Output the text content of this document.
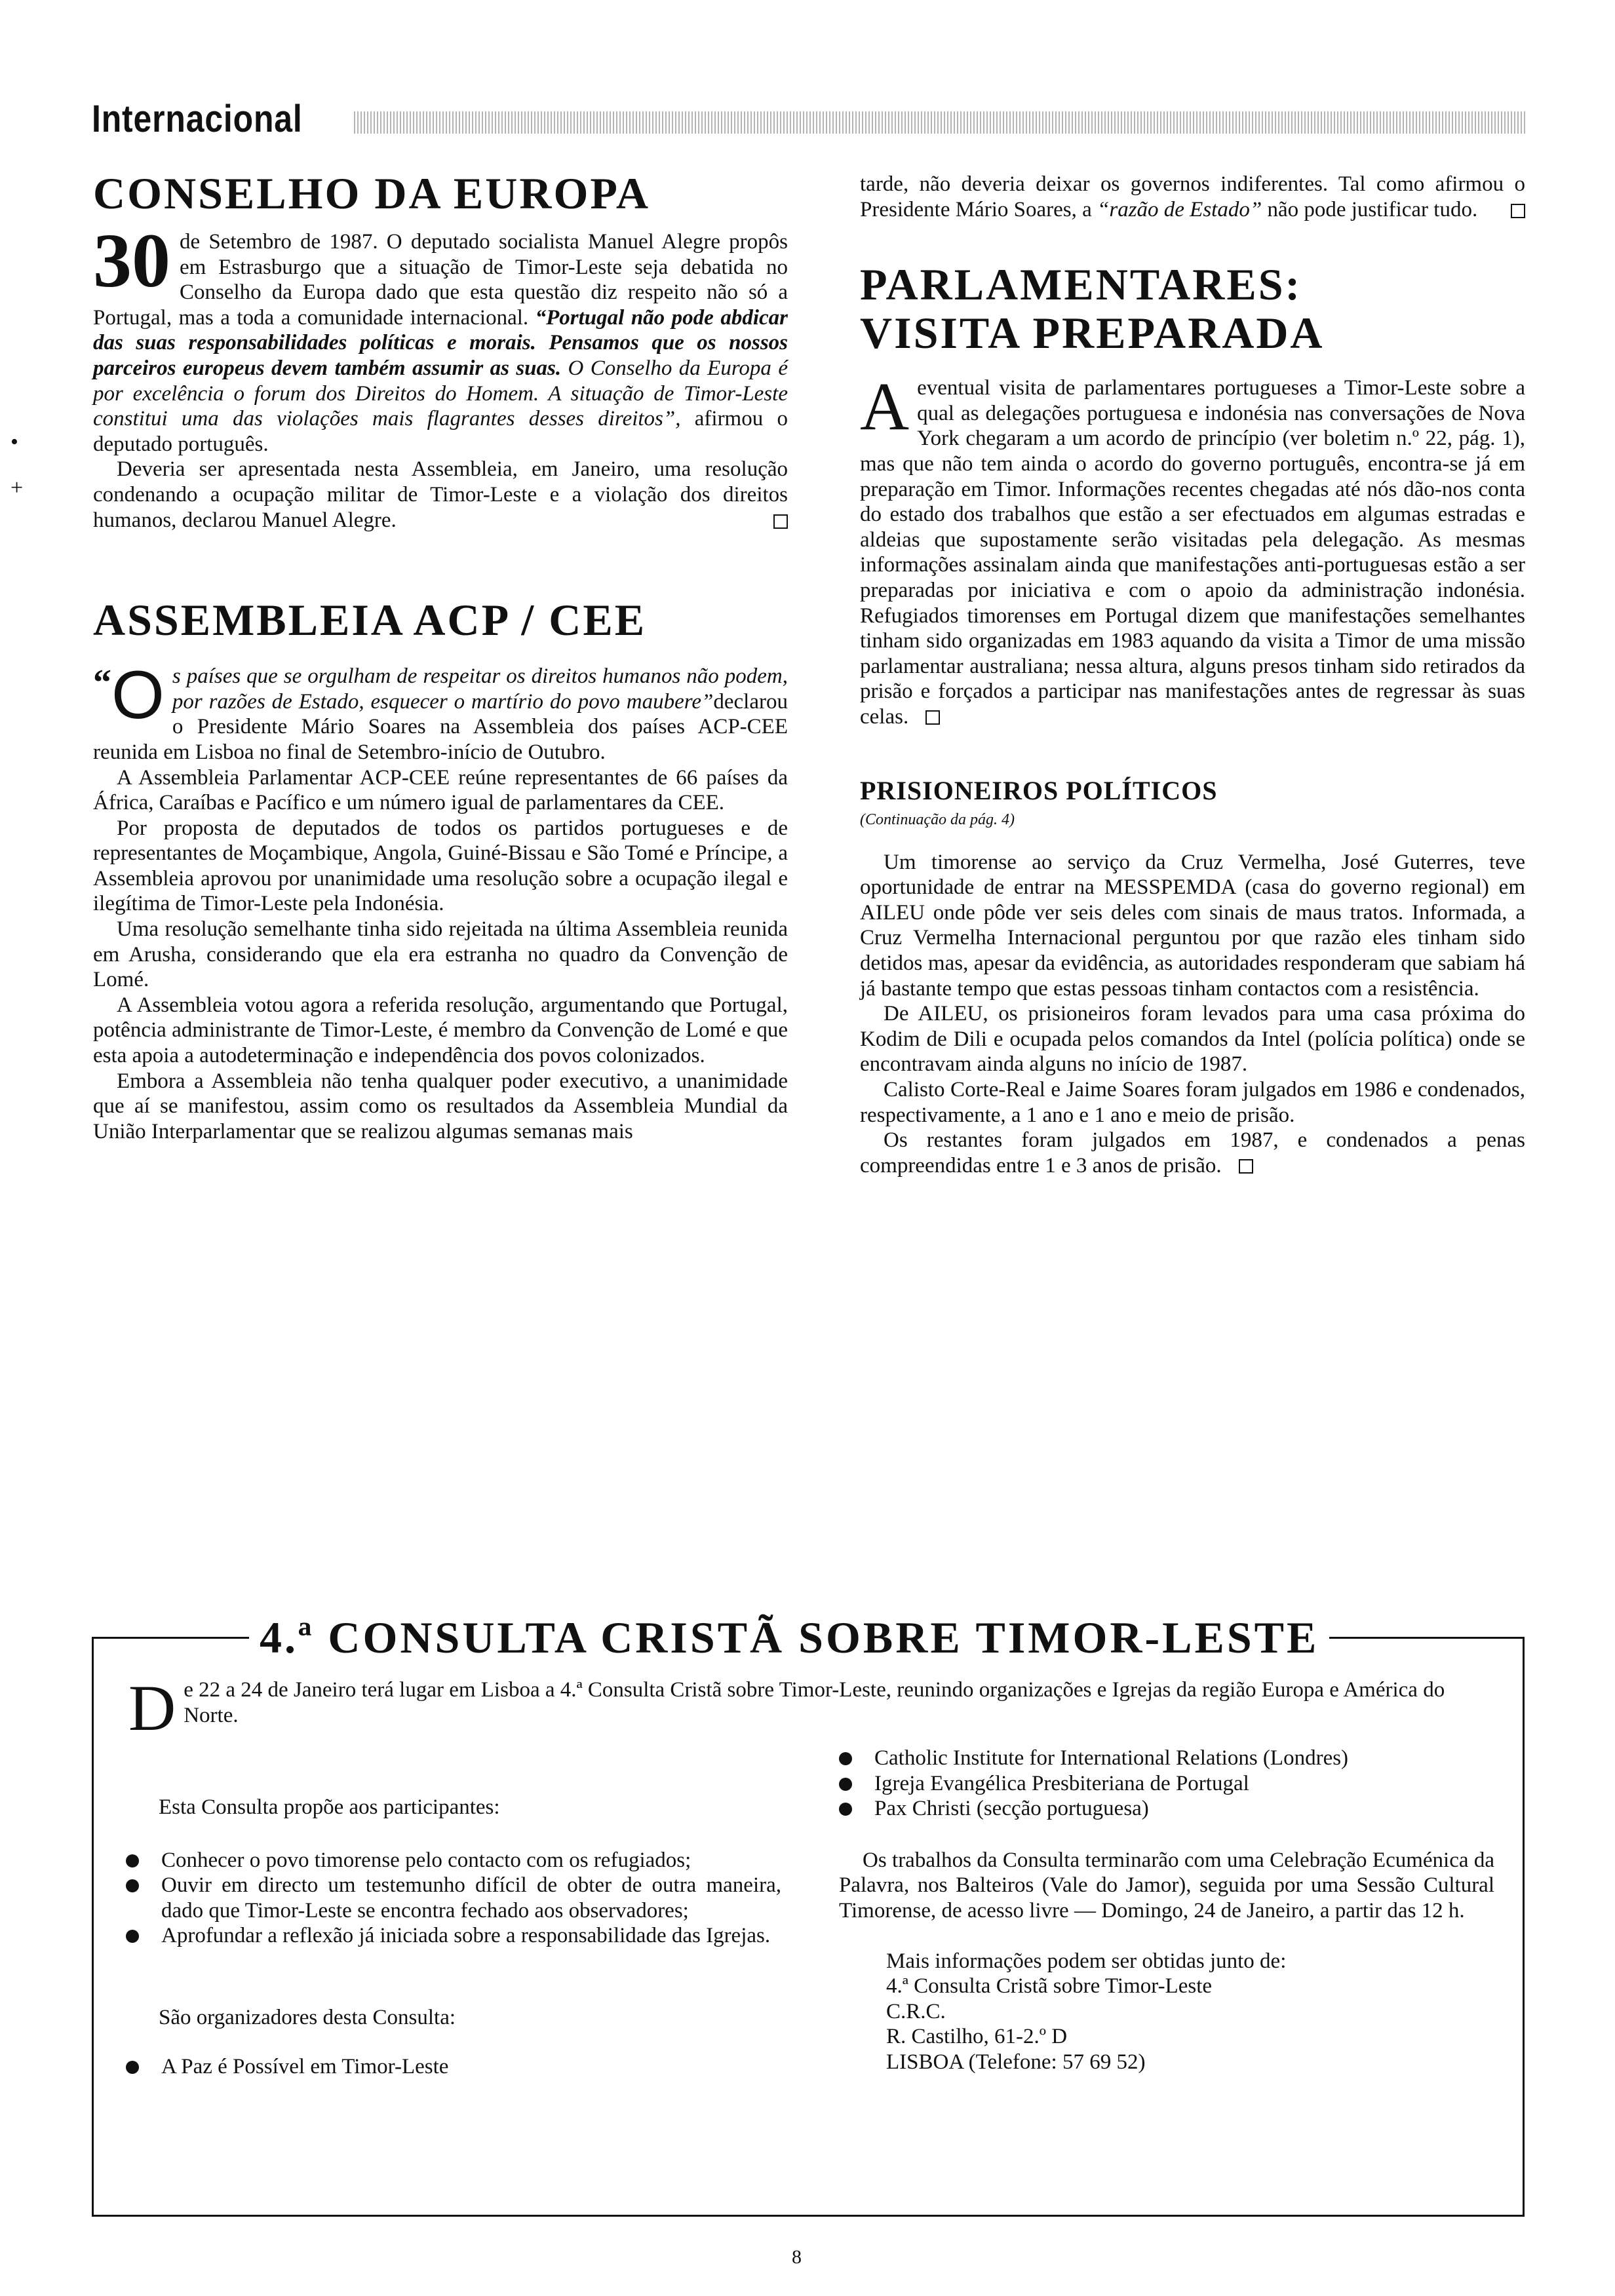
Internacional
•
+
CONSELHO DA EUROPA

30 de Setembro de 1987. O deputado socialista Manuel Alegre propôs em Estrasburgo que a situação de Timor-Leste seja debatida no Conselho da Europa dado que esta questão diz respeito não só a Portugal, mas a toda a comunidade internacional. “Portugal não pode abdicar das suas responsabilidades políticas e morais. Pensamos que os nossos parceiros europeus devem também assumir as suas. O Conselho da Europa é por excelência o forum dos Direitos do Homem. A situação de Timor-Leste constitui uma das violações mais flagrantes desses direitos”, afirmou o deputado português.

Deveria ser apresentada nesta Assembleia, em Janeiro, uma resolução condenando a ocupação militar de Timor-Leste e a violação dos direitos humanos, declarou Manuel Alegre.

ASSEMBLEIA ACP / CEE

“ O s países que se orgulham de respeitar os direitos humanos não podem, por razões de Estado, esquecer o martírio do povo maubere”declarou o Presidente Mário Soares na Assembleia dos países ACP-CEE reunida em Lisboa no final de Setembro-início de Outubro.

A Assembleia Parlamentar ACP-CEE reúne representantes de 66 países da África, Caraíbas e Pacífico e um número igual de parlamentares da CEE.

Por proposta de deputados de todos os partidos portugueses e de representantes de Moçambique, Angola, Guiné-Bissau e São Tomé e Príncipe, a Assembleia aprovou por unanimidade uma resolução sobre a ocupação ilegal e ilegítima de Timor-Leste pela Indonésia.

Uma resolução semelhante tinha sido rejeitada na última Assembleia reunida em Arusha, considerando que ela era estranha no quadro da Convenção de Lomé.

A Assembleia votou agora a referida resolução, argumentando que Portugal, potência administrante de Timor-Leste, é membro da Convenção de Lomé e que esta apoia a autodeterminação e independência dos povos colonizados.

Embora a Assembleia não tenha qualquer poder executivo, a unanimidade que aí se manifestou, assim como os resultados da Assembleia Mundial da União Interparlamentar que se realizou algumas semanas mais

tarde, não deveria deixar os governos indiferentes. Tal como afirmou o Presidente Mário Soares, a “razão de Estado” não pode justificar tudo.

PARLAMENTARES:
VISITA PREPARADA

A eventual visita de parlamentares portugueses a Timor-Leste sobre a qual as delegações portuguesa e indonésia nas conversações de Nova York chegaram a um acordo de princípio (ver boletim n.º 22, pág. 1), mas que não tem ainda o acordo do governo português, encontra-se já em preparação em Timor. Informações recentes chegadas até nós dão-nos conta do estado dos trabalhos que estão a ser efectuados em algumas estradas e aldeias que supostamente serão visitadas pela delegação. As mesmas informações assinalam ainda que manifestações anti-portuguesas estão a ser preparadas por iniciativa e com o apoio da administração indonésia. Refugiados timorenses em Portugal dizem que manifestações semelhantes tinham sido organizadas em 1983 aquando da visita a Timor de uma missão parlamentar australiana; nessa altura, alguns presos tinham sido retirados da prisão e forçados a participar nas manifestações antes de regressar às suas celas.

PRISIONEIROS POLÍTICOS
(Continuação da pág. 4)

Um timorense ao serviço da Cruz Vermelha, José Guterres, teve oportunidade de entrar na MESSPEMDA (casa do governo regional) em AILEU onde pôde ver seis deles com sinais de maus tratos. Informada, a Cruz Vermelha Internacional perguntou por que razão eles tinham sido detidos mas, apesar da evidência, as autoridades responderam que sabiam há já bastante tempo que estas pessoas tinham contactos com a resistência.

De AILEU, os prisioneiros foram levados para uma casa próxima do Kodim de Dili e ocupada pelos comandos da Intel (polícia política) onde se encontravam ainda alguns no início de 1987.

Calisto Corte-Real e Jaime Soares foram julgados em 1986 e condenados, respectivamente, a 1 ano e 1 ano e meio de prisão.

Os restantes foram julgados em 1987, e condenados a penas compreendidas entre 1 e 3 anos de prisão.

4.ª CONSULTA CRISTÃ SOBRE TIMOR-LESTE
De 22 a 24 de Janeiro terá lugar em Lisboa a 4.ª Consulta Cristã sobre Timor-Leste, reunindo organizações e Igrejas da região Europa e América do Norte.

Esta Consulta propõe aos participantes:

Conhecer o povo timorense pelo contacto com os refugiados;
Ouvir em directo um testemunho difícil de obter de outra maneira, dado que Timor-Leste se encontra fechado aos observadores;
Aprofundar a reflexão já iniciada sobre a responsabilidade das Igrejas.

São organizadores desta Consulta:

A Paz é Possível em Timor-Leste
Catholic Institute for International Relations (Londres)
Igreja Evangélica Presbiteriana de Portugal
Pax Christi (secção portuguesa)

Os trabalhos da Consulta terminarão com uma Celebração Ecuménica da Palavra, nos Balteiros (Vale do Jamor), seguida por uma Sessão Cultural Timorense, de acesso livre — Domingo, 24 de Janeiro, a partir das 12 h.

Mais informações podem ser obtidas junto de:
4.ª Consulta Cristã sobre Timor-Leste
C.R.C.
R. Castilho, 61-2.º D
LISBOA (Telefone: 57 69 52)
8
